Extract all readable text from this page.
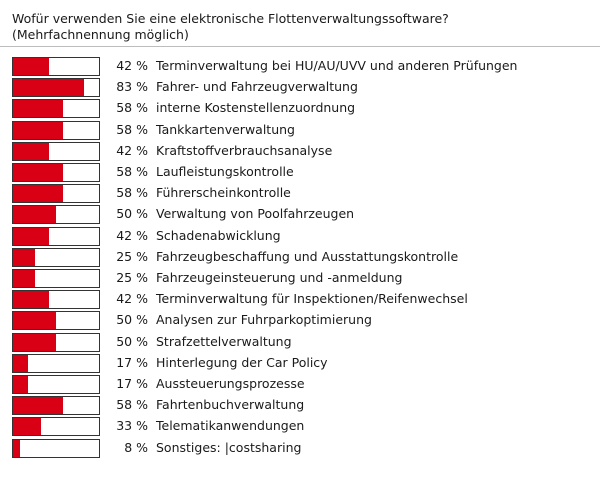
Wofür verwenden Sie eine elektronische Flottenverwaltungssoftware?
(Mehrfachnennung möglich)
42 % Terminverwaltung bei HU/AU/UVV und anderen Prüfungen
83 % Fahrer- und Fahrzeugverwaltung
58 % interne Kostenstellenzuordnung
58 % Tankkartenverwaltung
42 % Kraftstoffverbrauchsanalyse
58 % Laufleistungskontrolle
58 % Führerscheinkontrolle
50 % Verwaltung von Poolfahrzeugen
42 % Schadenabwicklung
25 % Fahrzeugbeschaffung und Ausstattungskontrolle
25 % Fahrzeugeinsteuerung und -anmeldung
42 % Terminverwaltung für Inspektionen/Reifenwechsel
50 % Analysen zur Fuhrparkoptimierung
50 % Strafzettelverwaltung
17 % Hinterlegung der Car Policy
17 % Aussteuerungsprozesse
58 % Fahrtenbuchverwaltung
33 % Telematikanwendungen
8 % Sonstiges: |costsharing
